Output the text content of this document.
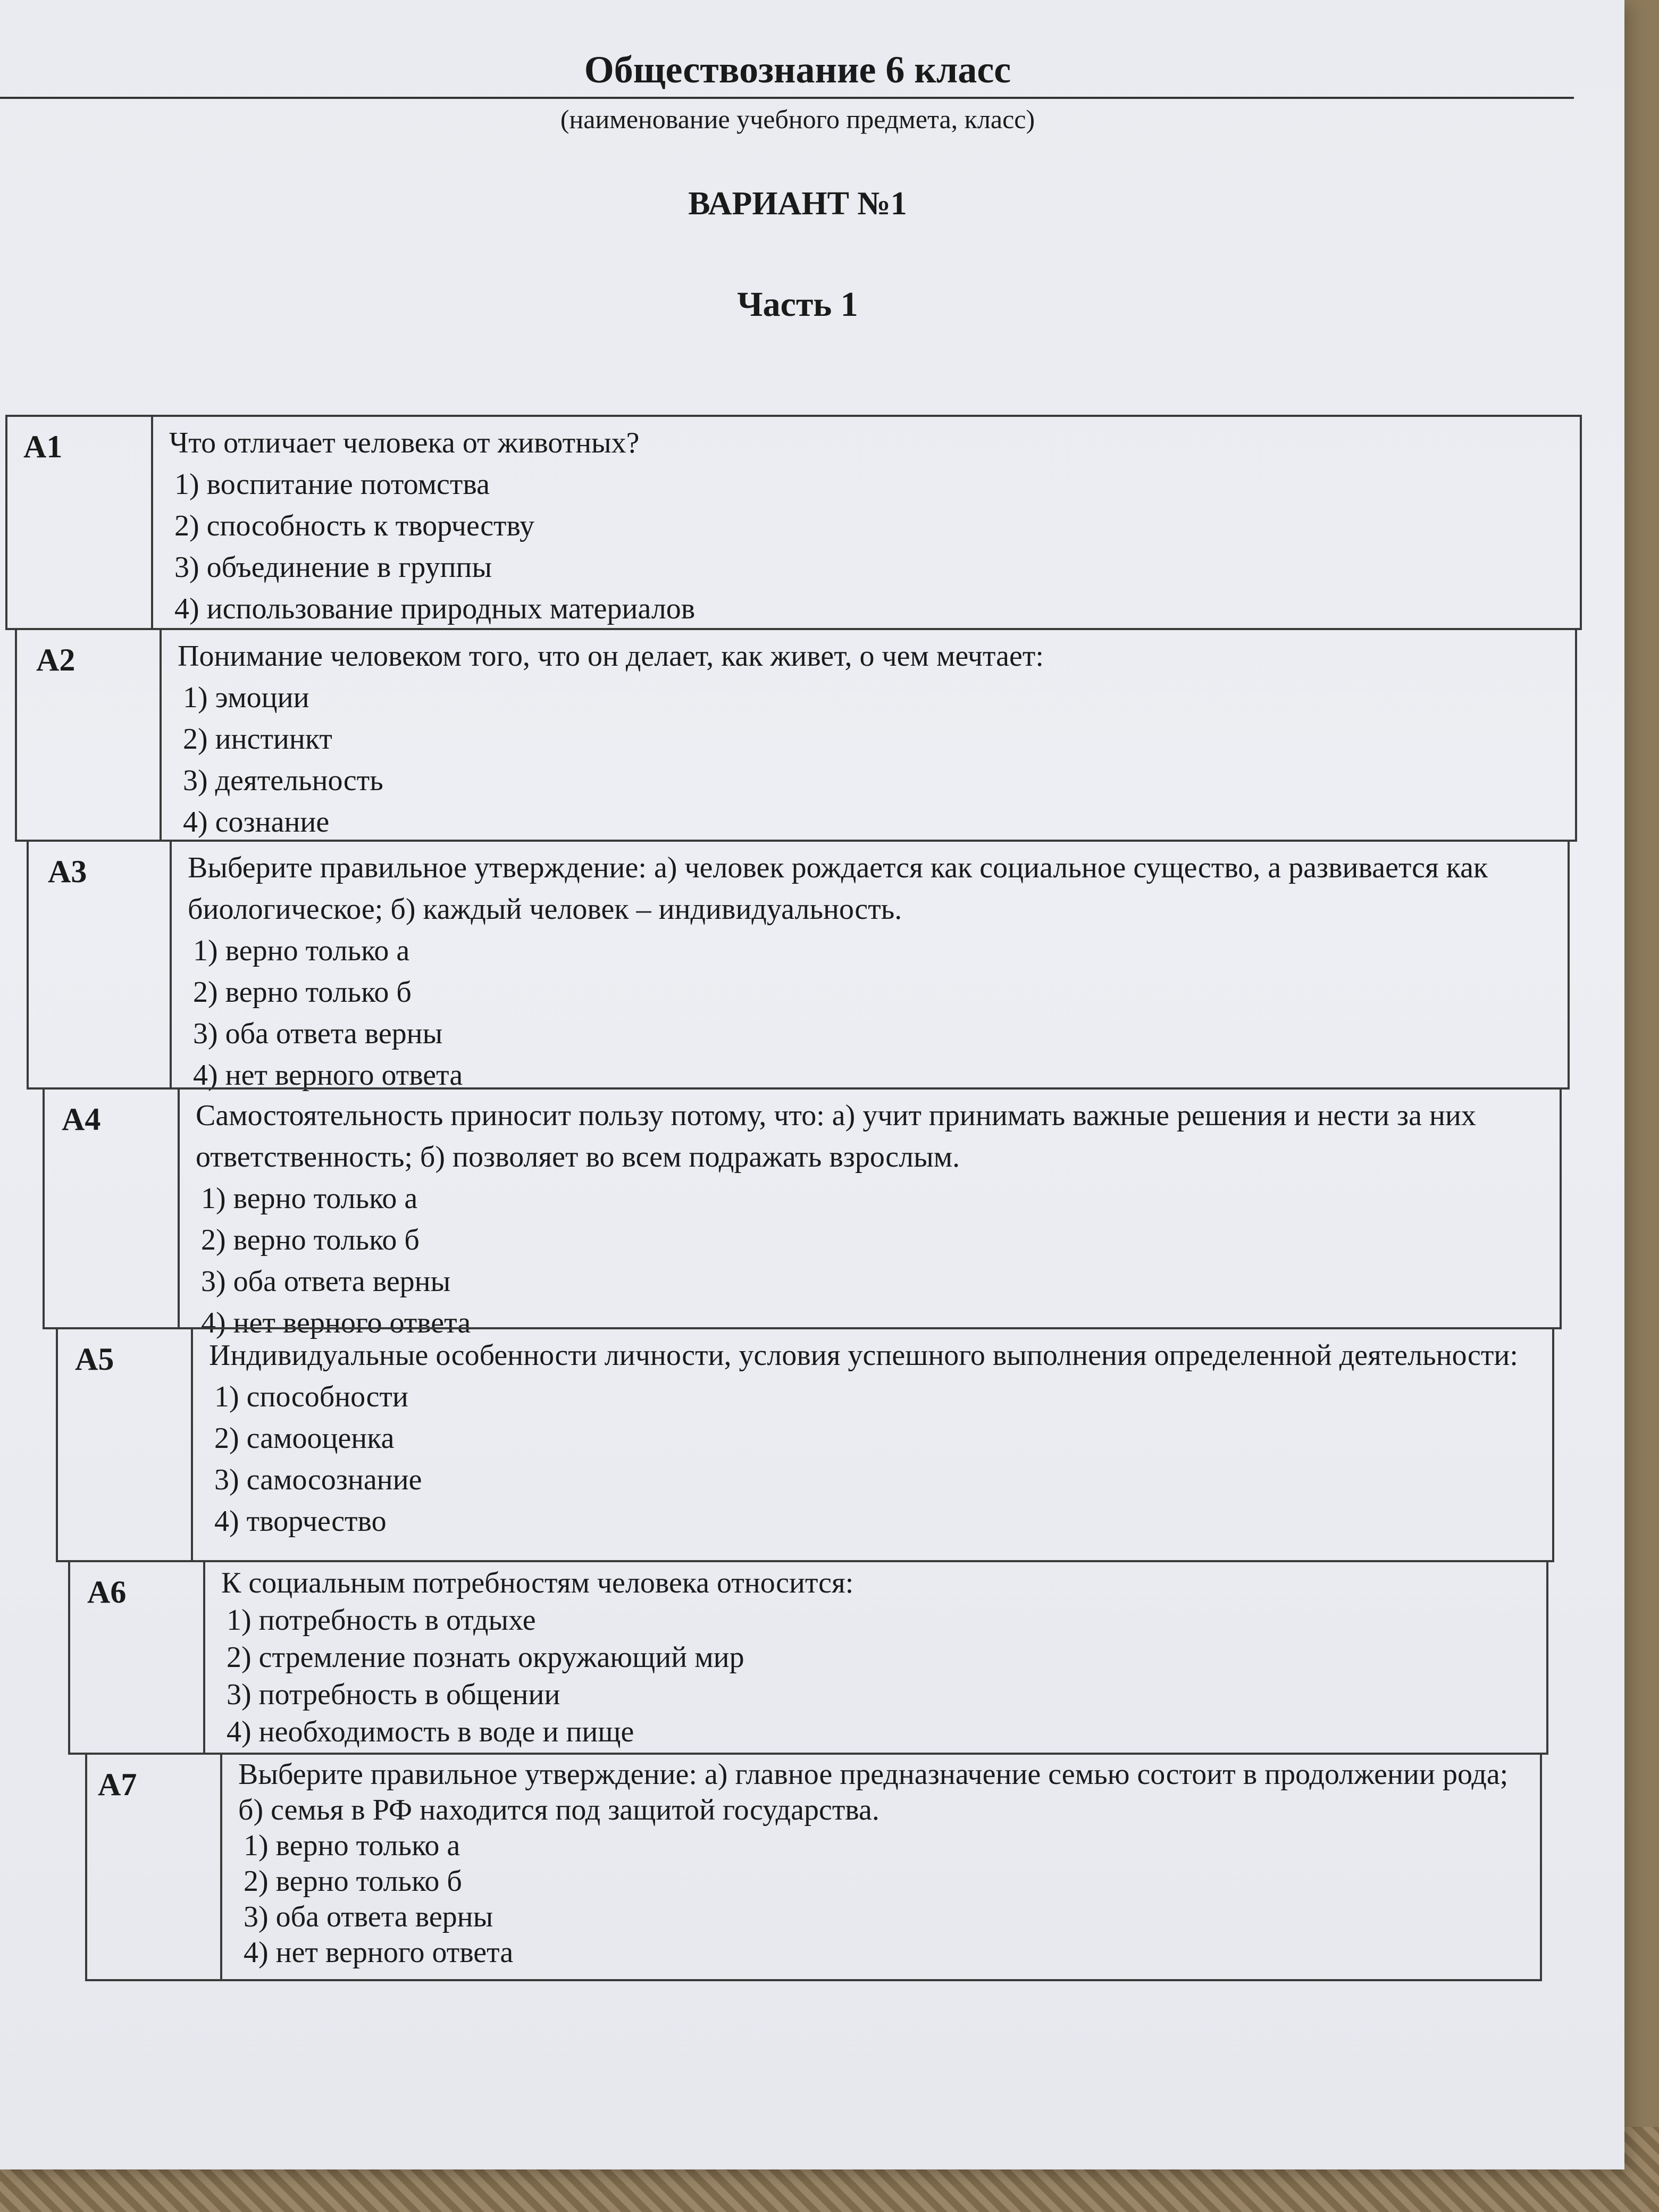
Обществознание 6 класс
(наименование учебного предмета, класс)
ВАРИАНТ №1
Часть 1
А1	Что отличает человека от животных?

1) воспитание потомства

2) способность к творчеству

3) объединение в группы

4) использование природных материалов

А2	Понимание человеком того, что он делает, как живет, о чем мечтает:

1) эмоции

2) инстинкт

3) деятельность

4) сознание

А3	Выберите правильное утверждение: а) человек рождается как социальное существо, а развивается как биологическое; б) каждый человек – индивидуальность.

1) верно только а

2) верно только б

3) оба ответа верны

4) нет верного ответа

А4	Самостоятельность приносит пользу потому, что: а) учит принимать важные решения и нести за них ответственность; б) позволяет во всем подражать взрослым.

1) верно только а

2) верно только б

3) оба ответа верны

4) нет верного ответа

А5	Индивидуальные особенности личности, условия успешного выполнения определенной деятельности:

1) способности

2) самооценка

3) самосознание

4) творчество

А6	К социальным потребностям человека относится:

1) потребность в отдыхе

2) стремление познать окружающий мир

3) потребность в общении

4) необходимость в воде и пище

А7	Выберите правильное утверждение: а) главное предназначение семью состоит в продолжении рода; б) семья в РФ находится под защитой государства.

1) верно только а

2) верно только б

3) оба ответа верны

4) нет верного ответа
